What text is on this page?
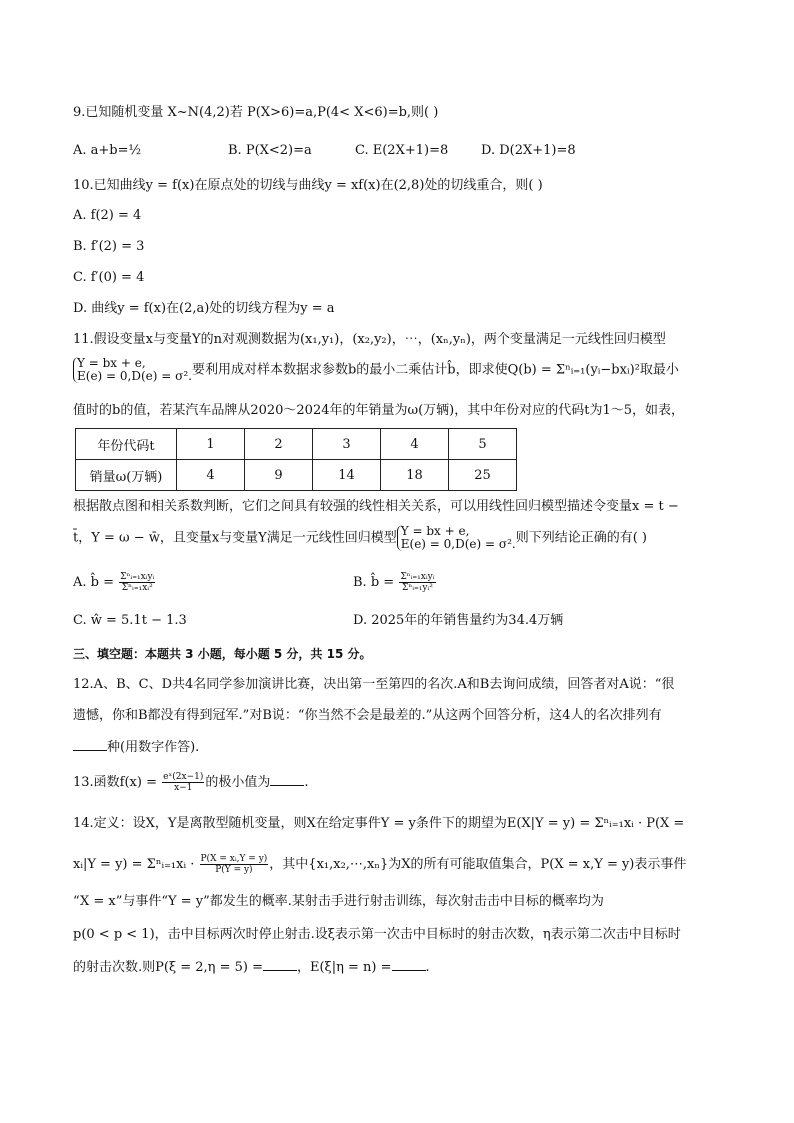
9.已知随机变量 X~N(4,2)若 P(X>6)=a,P(4< X<6)=b,则( )
A. a+b=½	B. P(X<2)=a	C. E(2X+1)=8	D. D(2X+1)=8
10.已知曲线y = f(x)在原点处的切线与曲线y = xf(x)在(2,8)处的切线重合，则( )
A. f(2) = 4
B. f′(2) = 3
C. f′(0) = 4
D. 曲线y = f(x)在(2,a)处的切线方程为y = a
11.假设变量x与变量Y的n对观测数据为(x₁,y₁)，(x₂,y₂)，⋯，(xₙ,yₙ)，两个变量满足一元线性回归模型
Y = bx + e,
E(e) = 0,D(e) = σ². 要利用成对样本数据求参数b的最小二乘估计b̂，即求使Q(b) = Σⁿᵢ₌₁(yᵢ−bxᵢ)²取最小
值时的b的值，若某汽车品牌从2020～2024年的年销量为ω(万辆)，其中年份对应的代码t为1～5，如表，
年份代码t	1	2	3	4	5
销量ω(万辆)	4	9	14	18	25
根据散点图和相关系数判断，它们之间具有较强的线性相关关系，可以用线性回归模型描述令变量x = t −
t̄，Y = ω − w̄，且变量x与变量Y满足一元线性回归模型 Y = bx + e,
E(e) = 0,D(e) = σ². 则下列结论正确的有( )
A. b̂ = $\frac{\text{Σⁿᵢ₌₁xᵢyᵢ}}{\text{Σⁿᵢ₌₁xᵢ²}}$	B. b̂ = $\frac{\text{Σⁿᵢ₌₁xᵢyᵢ}}{\text{Σⁿᵢ₌₁yᵢ²}}$
C. ŵ = 5.1t − 1.3	D. 2025年的年销售量约为34.4万辆
三、填空题：本题共 3 小题，每小题 5 分，共 15 分。
12.A、B、C、D共4名同学参加演讲比赛，决出第一至第四的名次.A和B去询问成绩，回答者对A说：“很
遗憾，你和B都没有得到冠军.”对B说：“你当然不会是最差的.”从这两个回答分析，这4人的名次排列有
种(用数字作答).
13.函数$f(x) = \frac{\text{eˣ(2x−1)}}{x-1}$ 的极小值为	.
14.定义：设X，Y是离散型随机变量，则X在给定事件Y = y条件下的期望为E(X|Y = y) = Σⁿᵢ₌₁xᵢ · P(X =
xᵢ|Y = y) = Σⁿᵢ₌₁xᵢ · $\frac{\text{P(X = xᵢ,Y = y)}}{P(Y = y)}$ ，其中{x₁,x₂,⋯,xₙ}为X的所有可能取值集合，P(X = x,Y = y)表示事件
“X = x”与事件“Y = y”都发生的概率.某射击手进行射击训练，每次射击击中目标的概率均为
p(0 < p < 1)，击中目标两次时停止射击.设ξ表示第一次击中目标时的射击次数，η表示第二次击中目标时
的射击次数.则P(ξ = 2,η = 5) =	，E(ξ|η = n) =	.
